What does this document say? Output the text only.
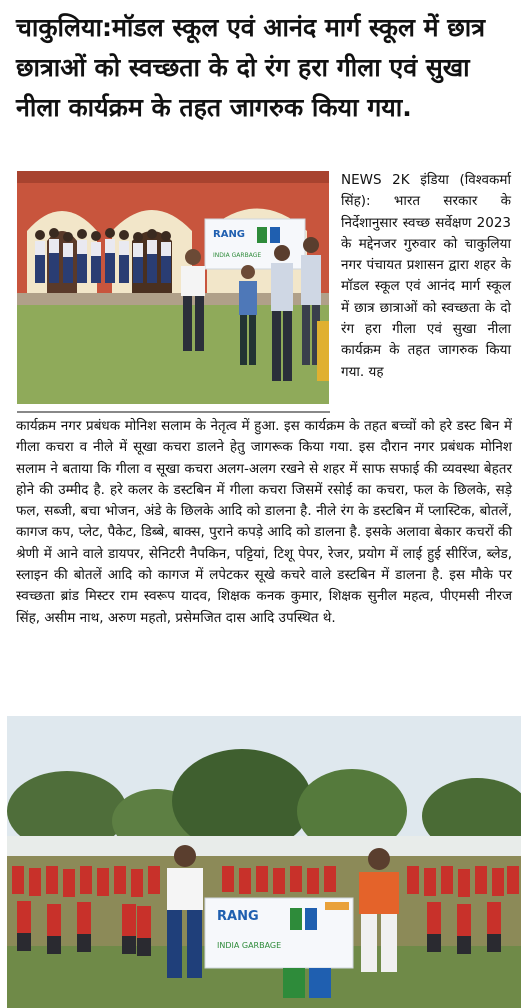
चाकुलिया:मॉडल स्कूल एवं आनंद मार्ग स्कूल में छात्र छात्राओं को स्वच्छता के दो रंग हरा गीला एवं सुखा नीला कार्यक्रम के तहत जागरुक किया गया.
RANG
INDIA GARBAGE
NEWS 2K इंडिया (विश्वकर्मा सिंह): भारत सरकार के निर्देशानुसार स्वच्छ सर्वेक्षण 2023 के मद्देनजर गुरुवार को चाकुलिया नगर पंचायत प्रशासन द्वारा शहर के मॉडल स्कूल एवं आनंद मार्ग स्कूल में छात्र छात्राओं को स्वच्छता के दो रंग हरा गीला एवं सुखा नीला कार्यक्रम के तहत जागरुक किया गया. यह
कार्यक्रम नगर प्रबंधक मोनिश सलाम के नेतृत्व में हुआ. इस कार्यक्रम के तहत बच्चों को हरे डस्ट बिन में गीला कचरा व नीले में सूखा कचरा डालने हेतु जागरूक किया गया. इस दौरान नगर प्रबंधक मोनिश सलाम ने बताया कि गीला व सूखा कचरा अलग-अलग रखने से शहर में साफ सफाई की व्यवस्था बेहतर होने की उम्मीद है. हरे कलर के डस्टबिन में गीला कचरा जिसमें रसोई का कचरा, फल के छिलके, सड़े फल, सब्जी, बचा भोजन, अंडे के छिलके आदि को डालना है. नीले रंग के डस्टबिन में प्लास्टिक, बोतलें, कागज कप, प्लेट, पैकेट, डिब्बे, बाक्स, पुराने कपड़े आदि को डालना है. इसके अलावा बेकार कचरों की श्रेणी में आने वाले डायपर, सेनिटरी नैपकिन, पट्टियां, टिशू पेपर, रेजर, प्रयोग में लाई हुई सीरिंज, ब्लेड, स्लाइन की बोतलें आदि को कागज में लपेटकर सूखे कचरे वाले डस्टबिन में डालना है. इस मौके पर स्वच्छता ब्रांड मिस्टर राम स्वरूप यादव, शिक्षक कनक कुमार, शिक्षक सुनील महत्व, पीएमसी नीरज सिंह, असीम नाथ, अरुण महतो, प्रसेमजित दास आदि उपस्थित थे.
RANG
INDIA GARBAGE
